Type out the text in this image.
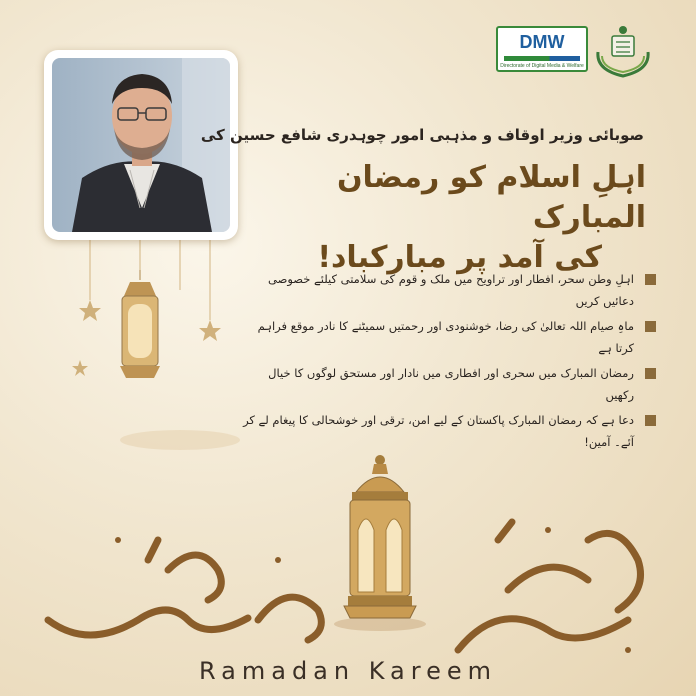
DMW
Directorate of Digital Media & Welfare
صوبائی وزیر اوقاف و مذہبی امور چوہدری شافع حسین کی
اہلِ اسلام کو رمضان المبارک
کی آمد پر مبارکباد!
اہلِ وطن سحر، افطار اور تراویح میں ملک و قوم کی سلامتی کیلئے خصوصی دعائیں کریں
ماہِ صیام اللہ تعالیٰ کی رضا، خوشنودی اور رحمتیں سمیٹنے کا نادر موقع فراہم کرتا ہے
رمضان المبارک میں سحری اور افطاری میں نادار اور مستحق لوگوں کا خیال رکھیں
دعا ہے کہ رمضان المبارک پاکستان کے لیے امن، ترقی اور خوشحالی کا پیغام لے کر آئے۔ آمین!
Ramadan Kareem
